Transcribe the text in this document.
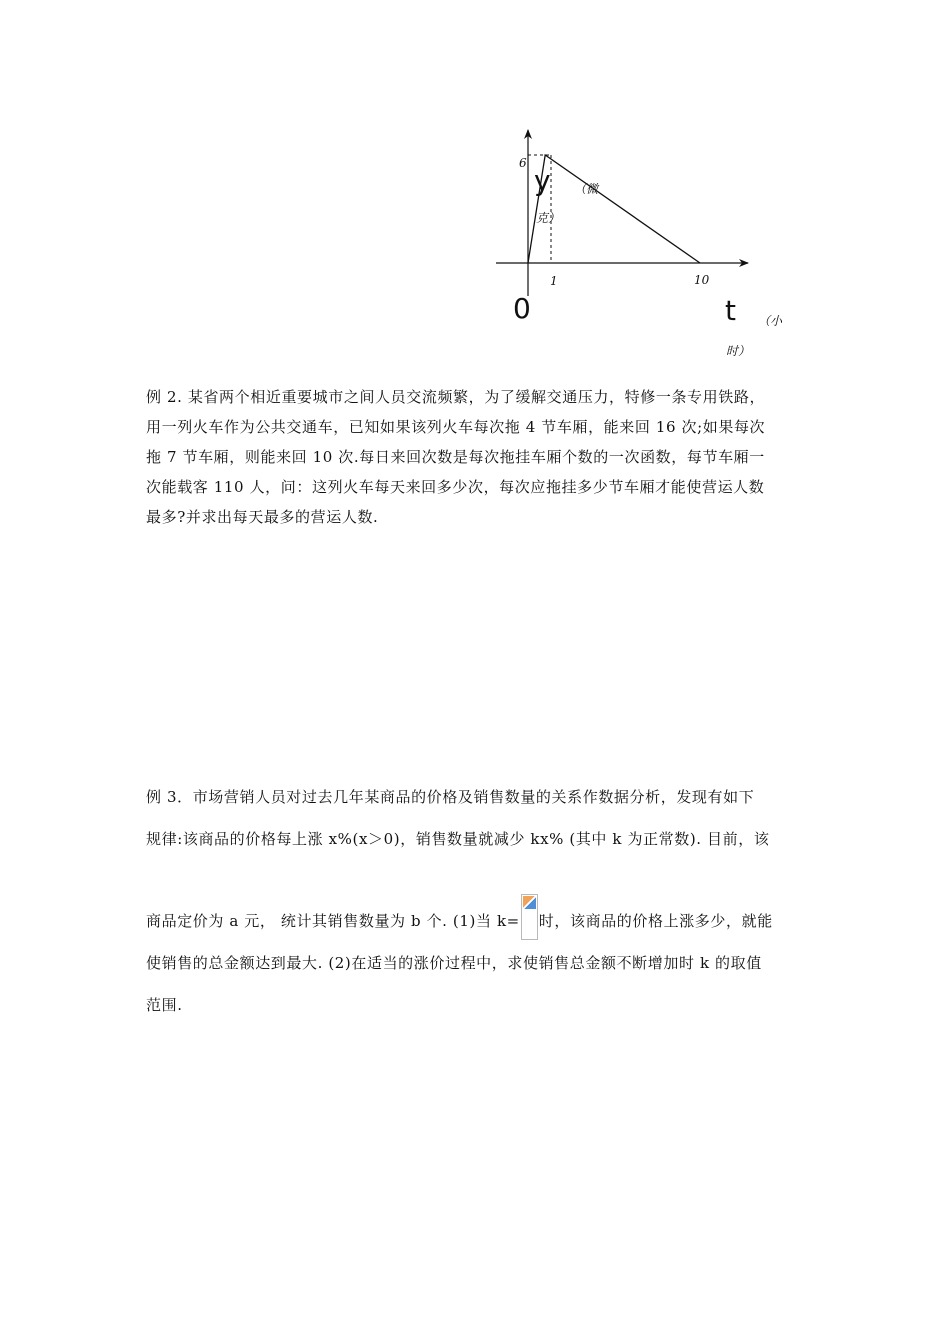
6
y （微
克）
1	10
0	t （小
时）
例 2. 某省两个相近重要城市之间人员交流频繁，为了缓解交通压力，特修一条专用铁路，
用一列火车作为公共交通车，已知如果该列火车每次拖 4 节车厢，能来回 16 次;如果每次
拖 7 节车厢，则能来回 10 次.每日来回次数是每次拖挂车厢个数的一次函数，每节车厢一
次能载客 110 人，问：这列火车每天来回多少次，每次应拖挂多少节车厢才能使营运人数
最多?并求出每天最多的营运人数.
例 3．市场营销人员对过去几年某商品的价格及销售数量的关系作数据分析，发现有如下
规律:该商品的价格每上涨 x%(x＞0)，销售数量就减少 kx% (其中 k 为正常数). 目前，该
商品定价为 a 元， 统计其销售数量为 b 个. (1)当 k= 时，该商品的价格上涨多少，就能
使销售的总金额达到最大. (2)在适当的涨价过程中，求使销售总金额不断增加时 k 的取值
范围.
